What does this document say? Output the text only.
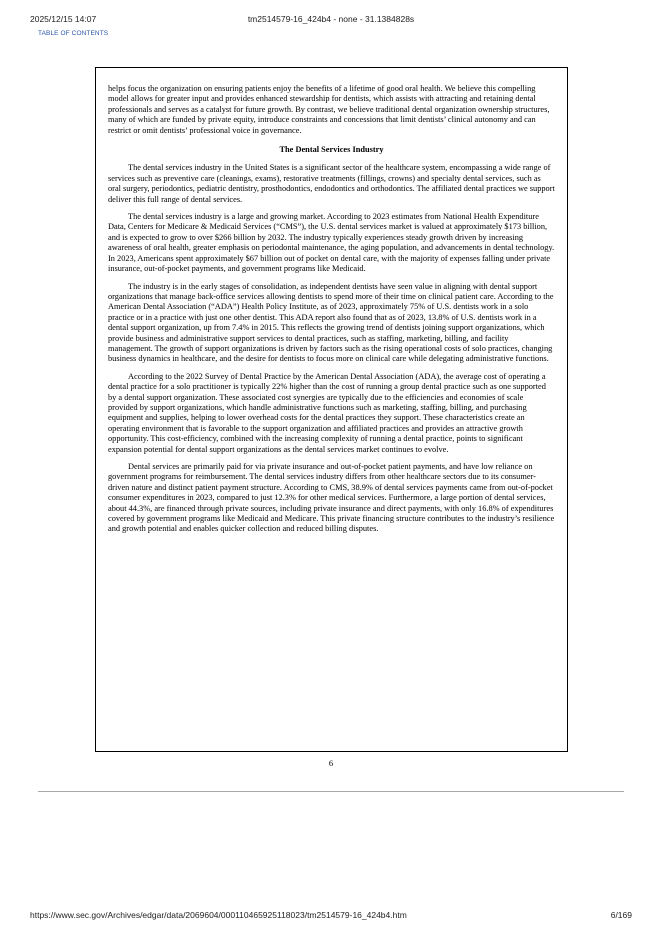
2025/12/15 14:07	tm2514579-16_424b4 - none - 31.1384828s
TABLE OF CONTENTS

helps focus the organization on ensuring patients enjoy the benefits of a lifetime of good oral health. We believe this compelling model allows for greater input and provides enhanced stewardship for dentists, which assists with attracting and retaining dental professionals and serves as a catalyst for future growth. By contrast, we believe traditional dental organization ownership structures, many of which are funded by private equity, introduce constraints and concessions that limit dentists’ clinical autonomy and can restrict or omit dentists’ professional voice in governance.

The Dental Services Industry

The dental services industry in the United States is a significant sector of the healthcare system, encompassing a wide range of services such as preventive care (cleanings, exams), restorative treatments (fillings, crowns) and specialty dental services, such as oral surgery, periodontics, pediatric dentistry, prosthodontics, endodontics and orthodontics. The affiliated dental practices we support deliver this full range of dental services.

The dental services industry is a large and growing market. According to 2023 estimates from National Health Expenditure Data, Centers for Medicare & Medicaid Services (“CMS”), the U.S. dental services market is valued at approximately $173 billion, and is expected to grow to over $266 billion by 2032. The industry typically experiences steady growth driven by increasing awareness of oral health, greater emphasis on periodontal maintenance, the aging population, and advancements in dental technology. In 2023, Americans spent approximately $67 billion out of pocket on dental care, with the majority of expenses falling under private insurance, out-of-pocket payments, and government programs like Medicaid.

The industry is in the early stages of consolidation, as independent dentists have seen value in aligning with dental support organizations that manage back-office services allowing dentists to spend more of their time on clinical patient care. According to the American Dental Association (“ADA”) Health Policy Institute, as of 2023, approximately 75% of U.S. dentists work in a solo practice or in a practice with just one other dentist. This ADA report also found that as of 2023, 13.8% of U.S. dentists work in a dental support organization, up from 7.4% in 2015. This reflects the growing trend of dentists joining support organizations, which provide business and administrative support services to dental practices, such as staffing, marketing, billing, and facility management. The growth of support organizations is driven by factors such as the rising operational costs of solo practices, changing business dynamics in healthcare, and the desire for dentists to focus more on clinical care while delegating administrative functions.

According to the 2022 Survey of Dental Practice by the American Dental Association (ADA), the average cost of operating a dental practice for a solo practitioner is typically 22% higher than the cost of running a group dental practice such as one supported by a dental support organization. These associated cost synergies are typically due to the efficiencies and economies of scale provided by support organizations, which handle administrative functions such as marketing, staffing, billing, and purchasing equipment and supplies, helping to lower overhead costs for the dental practices they support. These characteristics create an operating environment that is favorable to the support organization and affiliated practices and provides an attractive growth opportunity. This cost-efficiency, combined with the increasing complexity of running a dental practice, points to significant expansion potential for dental support organizations as the dental services market continues to evolve.

Dental services are primarily paid for via private insurance and out-of-pocket patient payments, and have low reliance on government programs for reimbursement. The dental services industry differs from other healthcare sectors due to its consumer-driven nature and distinct patient payment structure. According to CMS, 38.9% of dental services payments came from out-of-pocket consumer expenditures in 2023, compared to just 12.3% for other medical services. Furthermore, a large portion of dental services, about 44.3%, are financed through private sources, including private insurance and direct payments, with only 16.8% of expenditures covered by government programs like Medicaid and Medicare. This private financing structure contributes to the industry’s resilience and growth potential and enables quicker collection and reduced billing disputes.

6
https://www.sec.gov/Archives/edgar/data/2069604/000110465925118023/tm2514579-16_424b4.htm	6/169
